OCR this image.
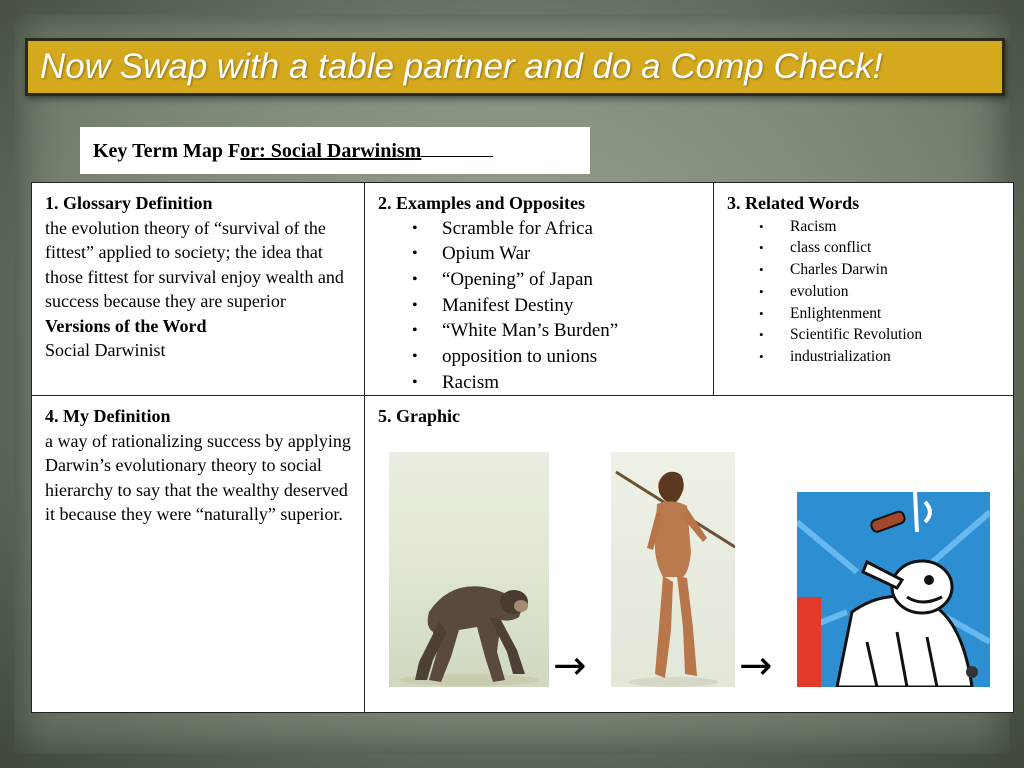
Now Swap with a table partner and do a Comp Check!
Key Term Map For: Social Darwinism
1. Glossary Definition
the evolution theory of “survival of the fittest” applied to society; the idea that those fittest for survival enjoy wealth and success because they are superior
Versions of the Word
Social Darwinist
2. Examples and Opposites
• Scramble for Africa
• Opium War
• “Opening” of Japan
• Manifest Destiny
• “White Man’s Burden”
• opposition to unions
• Racism
3. Related Words
• Racism
• class conflict
• Charles Darwin
• evolution
• Enlightenment
• Scientific Revolution
• industrialization
4. My Definition
a way of rationalizing success by applying Darwin’s evolutionary theory to social hierarchy to say that the wealthy deserved it because they were “naturally” superior.
5. Graphic
→	→
